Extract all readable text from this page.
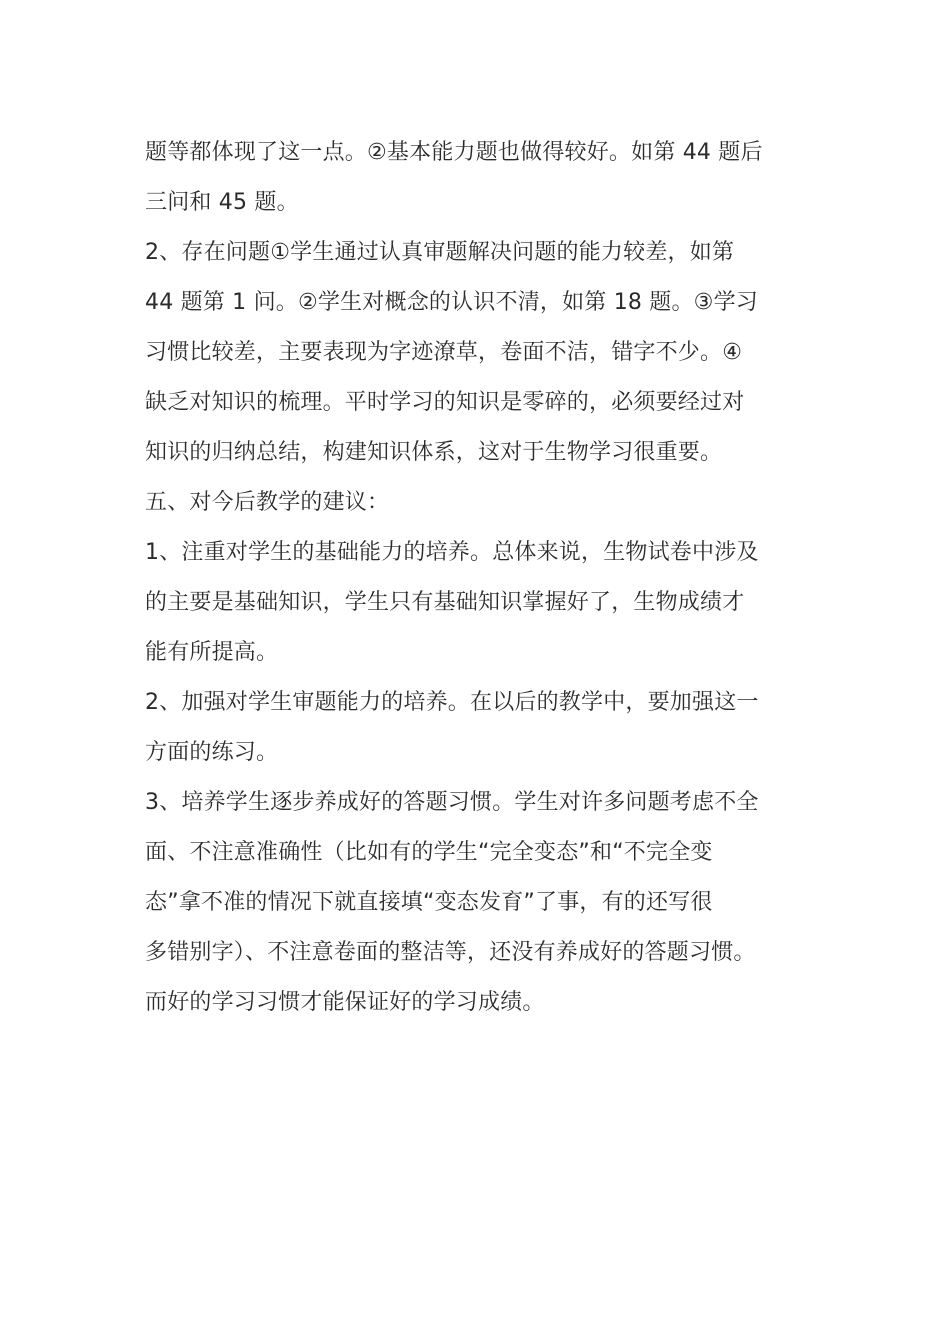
题等都体现了这一点。②基本能力题也做得较好。如第 44 题后
三问和 45 题。
2、存在问题①学生通过认真审题解决问题的能力较差，如第
44 题第 1 问。②学生对概念的认识不清，如第 18 题。③学习
习惯比较差，主要表现为字迹潦草，卷面不洁，错字不少。④
缺乏对知识的梳理。平时学习的知识是零碎的，必须要经过对
知识的归纳总结，构建知识体系，这对于生物学习很重要。
五、对今后教学的建议：
1、注重对学生的基础能力的培养。总体来说，生物试卷中涉及
的主要是基础知识，学生只有基础知识掌握好了，生物成绩才
能有所提高。
2、加强对学生审题能力的培养。在以后的教学中，要加强这一
方面的练习。
3、培养学生逐步养成好的答题习惯。学生对许多问题考虑不全
面、不注意准确性（比如有的学生“完全变态”和“不完全变
态”拿不准的情况下就直接填“变态发育”了事，有的还写很
多错别字）、不注意卷面的整洁等，还没有养成好的答题习惯。
而好的学习习惯才能保证好的学习成绩。
